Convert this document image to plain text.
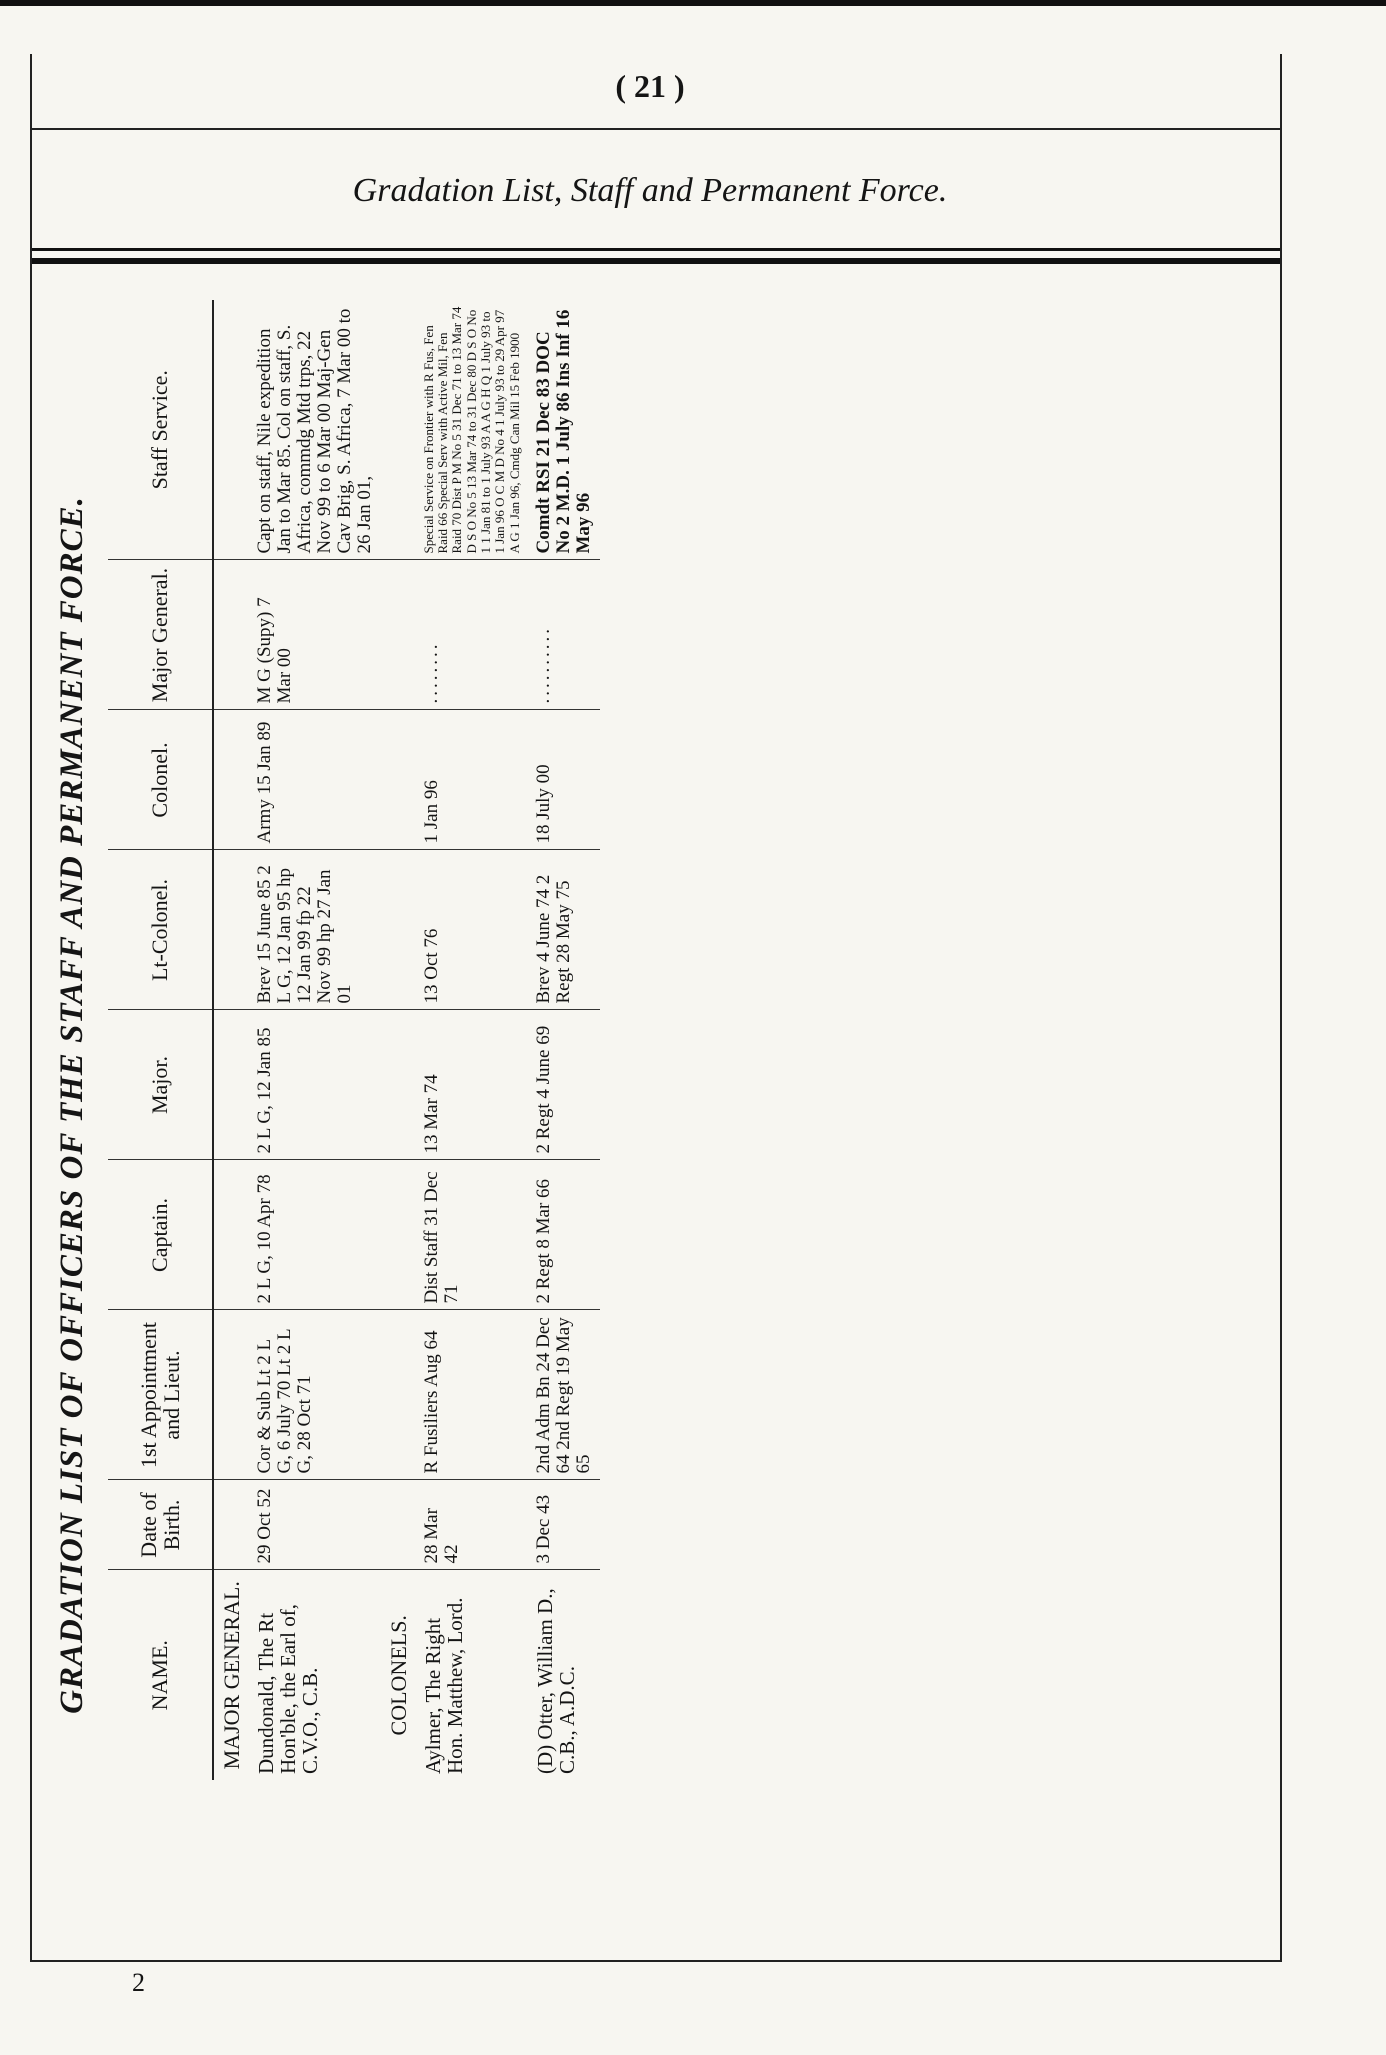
( 21 )
Gradation List, Staff and Permanent Force.
GRADATION LIST OF OFFICERS OF THE STAFF AND PERMANENT FORCE.	NAME.	Date of Birth.	1st Appointment and Lieut.	Captain.	Major.	Lt-Colonel.	Colonel.	Major General.	Staff Service.
MAJOR GENERAL.								
Dundonald, The Rt Hon'ble, the Earl of, C.V.O., C.B.	29 Oct 52	Cor & Sub Lt 2 L G, 6 July 70 Lt 2 L G, 28 Oct 71	2 L G, 10 Apr 78	2 L G, 12 Jan 85	Brev 15 June 85 2 L G, 12 Jan 95 hp 12 Jan 99 fp 22 Nov 99 hp 27 Jan 01	Army 15 Jan 89	M G (Supy) 7 Mar 00	Capt on staff, Nile expedition Jan to Mar 85. Col on staff, S. Africa, commdg Mtd trps, 22 Nov 99 to 6 Mar 00 Maj-Gen Cav Brig, S. Africa, 7 Mar 00 to 26 Jan 01,
COLONELS.								
Aylmer, The Right Hon. Matthew, Lord.	28 Mar 42	R Fusiliers Aug 64	Dist Staff 31 Dec 71	13 Mar 74	13 Oct 76	1 Jan 96	........	Special Service on Frontier with R Fus, Fen Raid 66 Special Serv with Active Mil, Fen Raid 70 Dist P M No 5 31 Dec 71 to 13 Mar 74 D S O No 5 13 Mar 74 to 31 Dec 80 D S O No 1 1 Jan 81 to 1 July 93 A A G H Q 1 July 93 to 1 Jan 96 O C M D No 4 1 July 93 to 29 Apr 97 A G 1 Jan 96, Cmdg Can Mil 15 Feb 1900
(D) Otter, William D., C.B., A.D.C.	3 Dec 43	2nd Adm Bn 24 Dec 64 2nd Regt 19 May 65	2 Regt 8 Mar 66	2 Regt 4 June 69	Brev 4 June 74 2 Regt 28 May 75	18 July 00	..........	Comdt RSI 21 Dec 83 DOC No 2 M.D. 1 July 86 Ins Inf 16 May 96
2
